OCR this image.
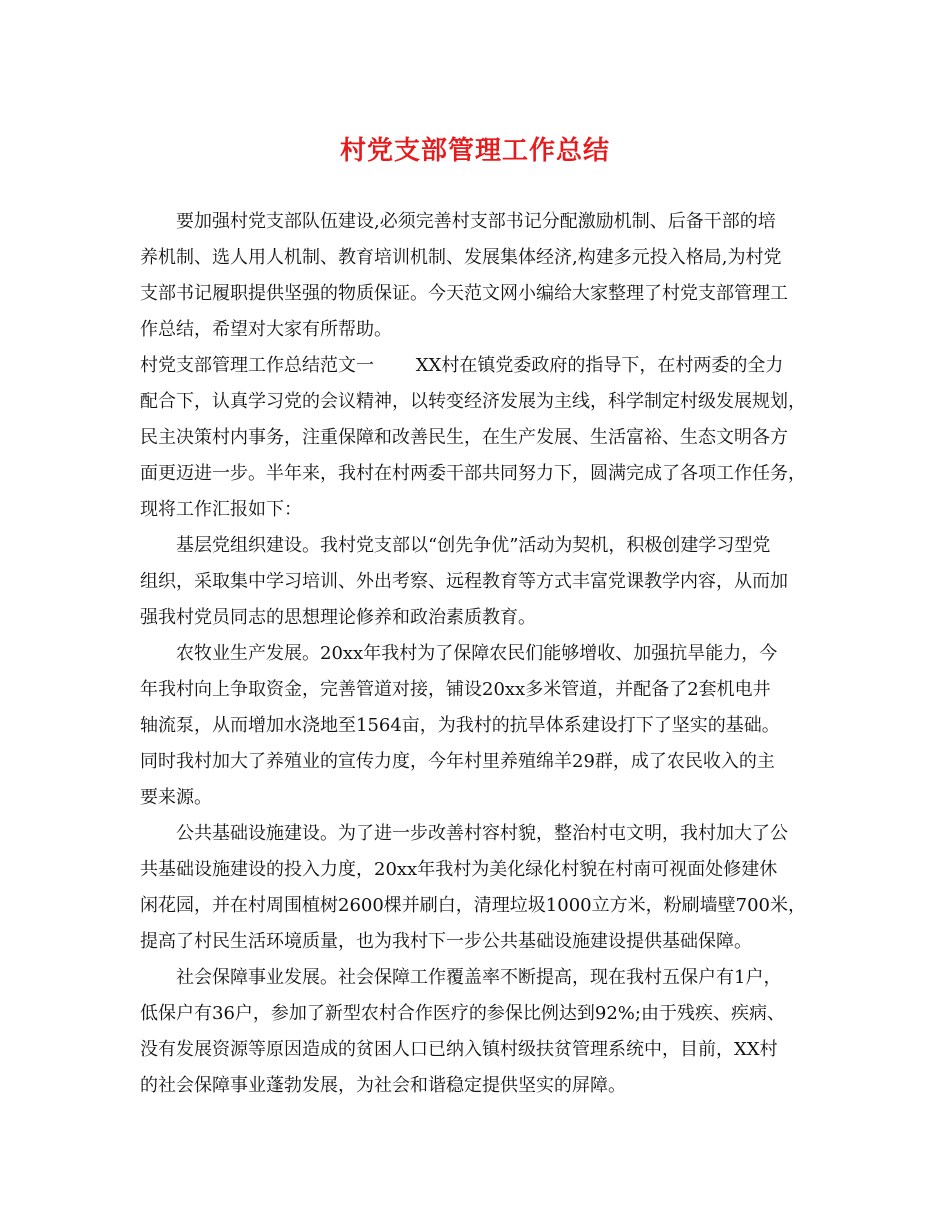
村党支部管理工作总结
要加强村党支部队伍建设,必须完善村支部书记分配激励机制、后备干部的培
养机制、选人用人机制、教育培训机制、发展集体经济,构建多元投入格局,为村党
支部书记履职提供坚强的物质保证。今天范文网小编给大家整理了村党支部管理工
作总结，希望对大家有所帮助。
村党支部管理工作总结范文一　　 XX村在镇党委政府的指导下，在村两委的全力
配合下，认真学习党的会议精神，以转变经济发展为主线，科学制定村级发展规划，
民主决策村内事务，注重保障和改善民生，在生产发展、生活富裕、生态文明各方
面更迈进一步。半年来，我村在村两委干部共同努力下，圆满完成了各项工作任务，
现将工作汇报如下：
基层党组织建设。我村党支部以“创先争优”活动为契机，积极创建学习型党
组织，采取集中学习培训、外出考察、远程教育等方式丰富党课教学内容，从而加
强我村党员同志的思想理论修养和政治素质教育。
农牧业生产发展。20xx年我村为了保障农民们能够增收、加强抗旱能力，今
年我村向上争取资金，完善管道对接，铺设20xx多米管道，并配备了2套机电井
轴流泵，从而增加水浇地至1564亩，为我村的抗旱体系建设打下了坚实的基础。
同时我村加大了养殖业的宣传力度，今年村里养殖绵羊29群，成了农民收入的主
要来源。
公共基础设施建设。为了进一步改善村容村貌，整治村屯文明，我村加大了公
共基础设施建设的投入力度，20xx年我村为美化绿化村貌在村南可视面处修建休
闲花园，并在村周围植树2600棵并刷白，清理垃圾1000立方米，粉刷墙壁700米，
提高了村民生活环境质量，也为我村下一步公共基础设施建设提供基础保障。
社会保障事业发展。社会保障工作覆盖率不断提高，现在我村五保户有1户，
低保户有36户，参加了新型农村合作医疗的参保比例达到92%;由于残疾、疾病、
没有发展资源等原因造成的贫困人口已纳入镇村级扶贫管理系统中，目前，XX村
的社会保障事业蓬勃发展，为社会和谐稳定提供坚实的屏障。
